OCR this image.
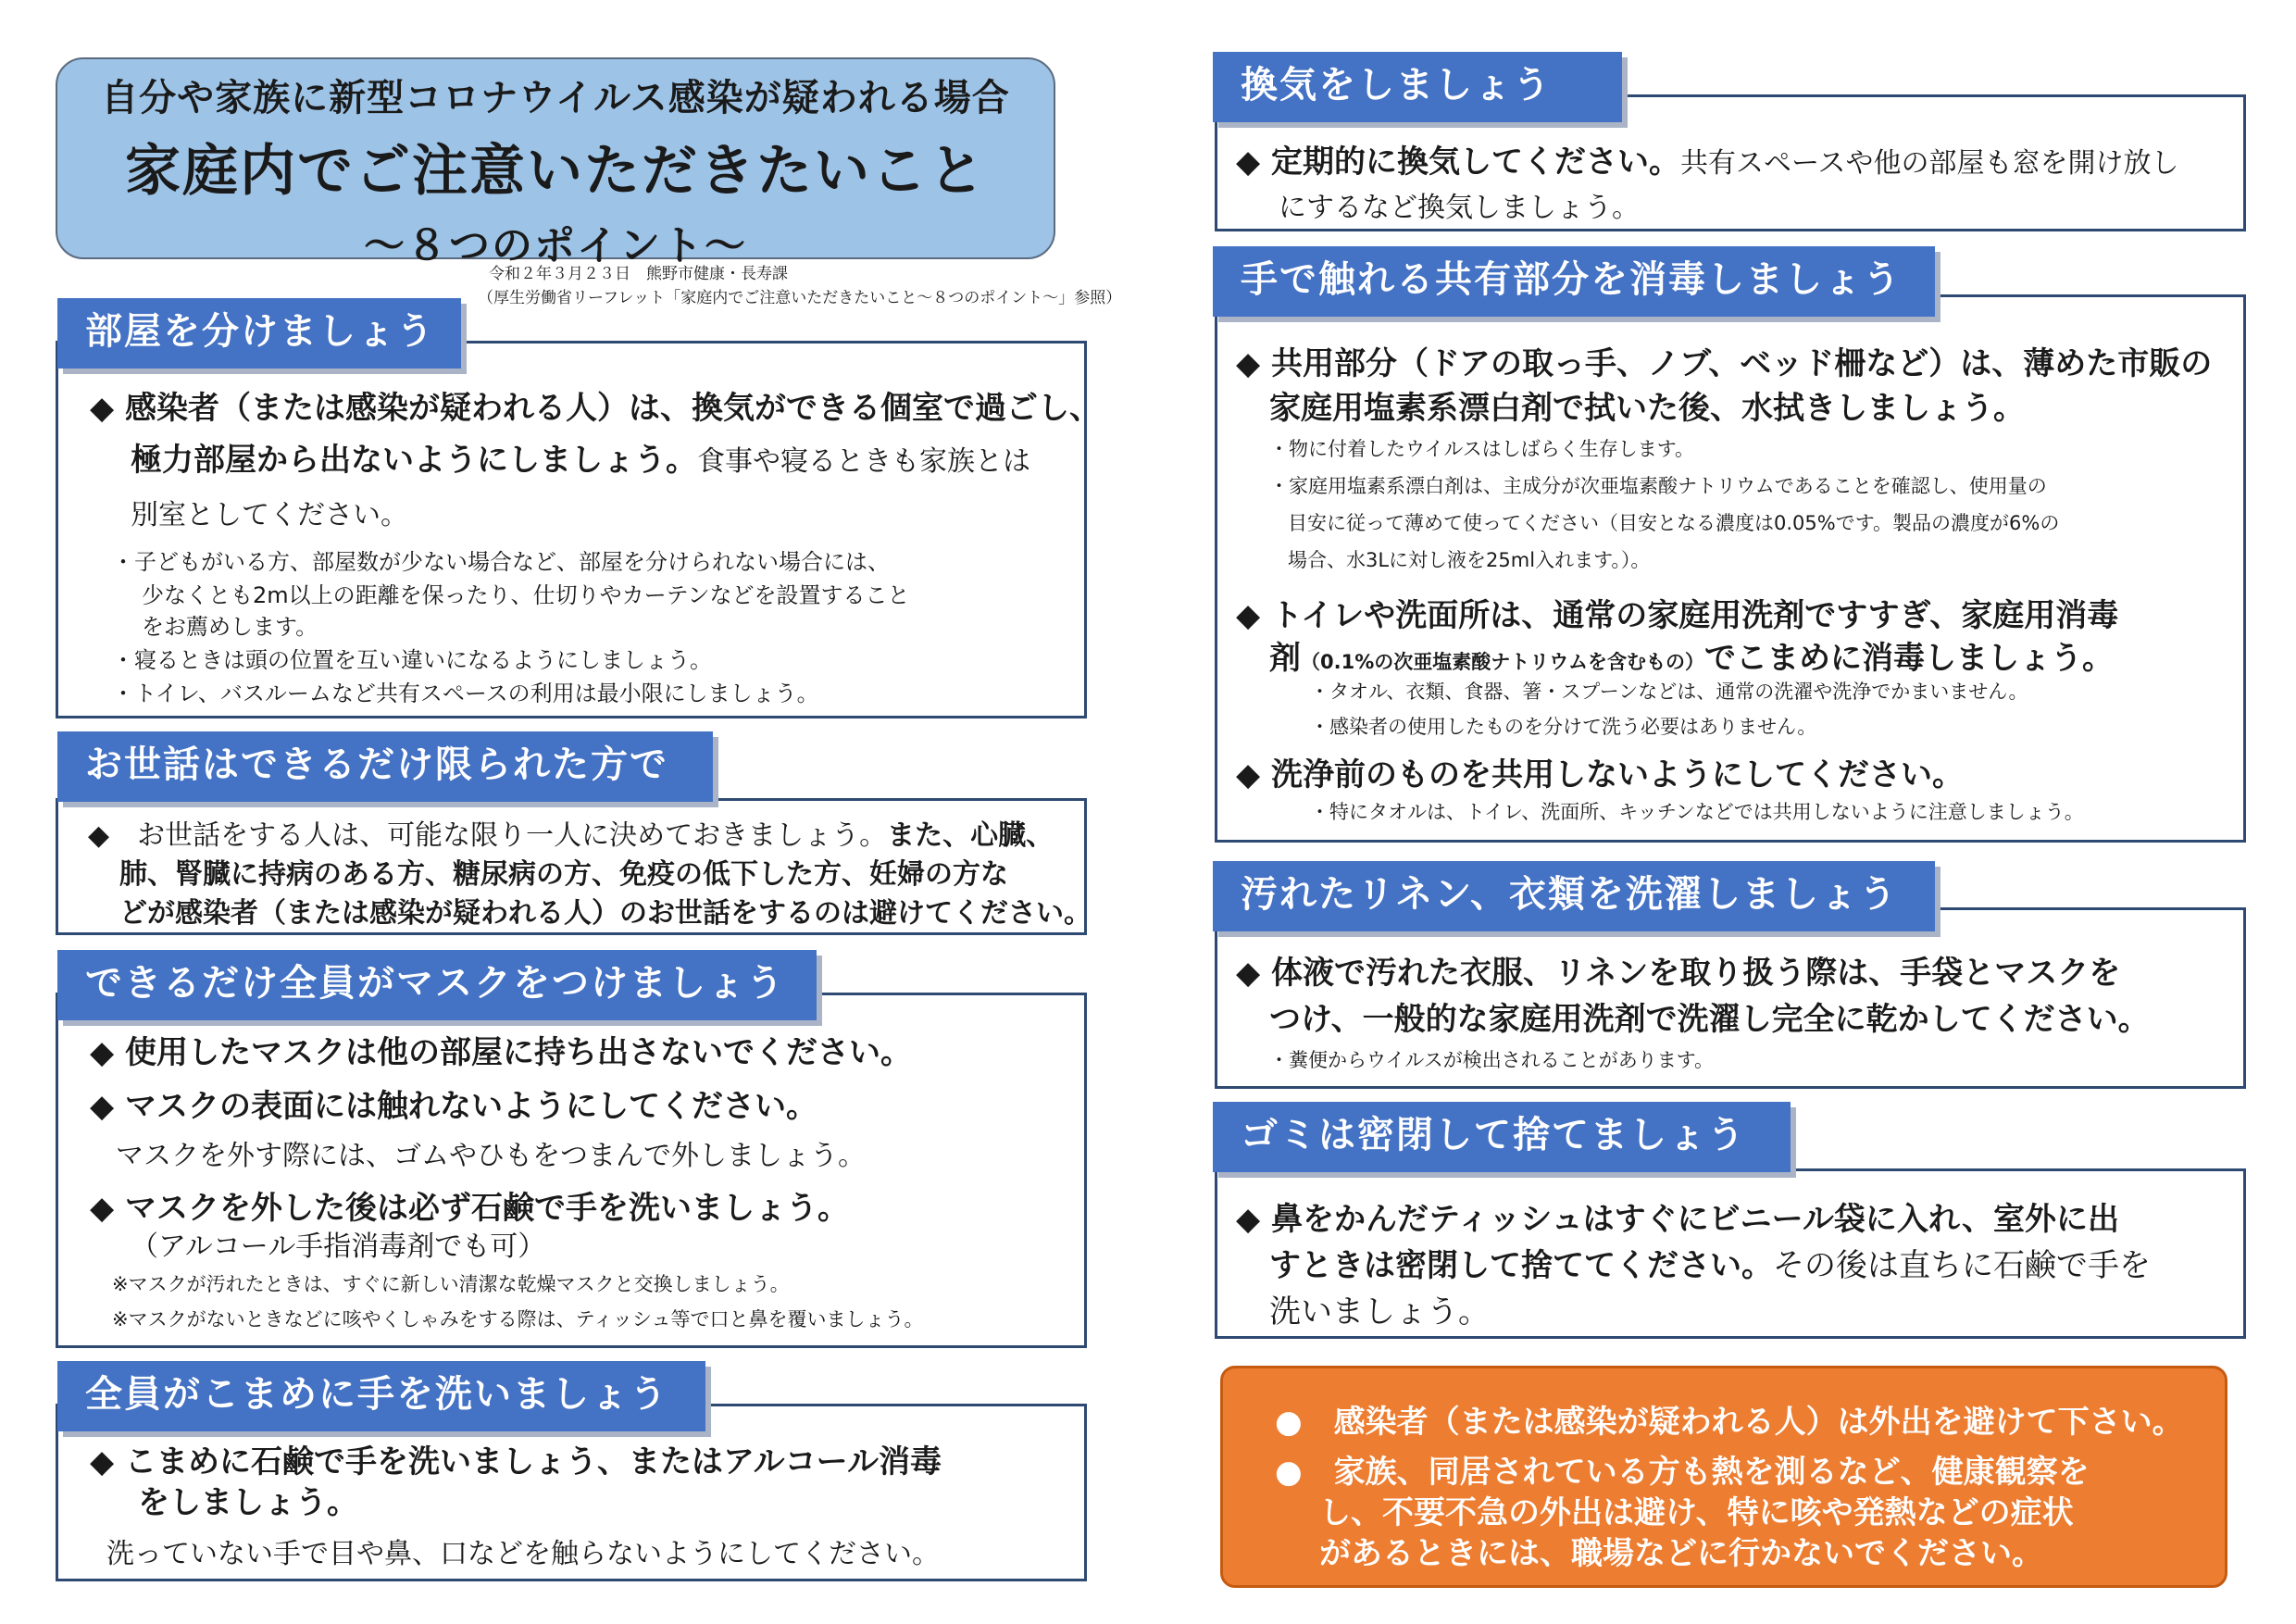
自分や家族に新型コロナウイルス感染が疑われる場合
家庭内でご注意いただきたいこと
～８つのポイント～
令和２年３月２３日　熊野市健康・長寿課
（厚生労働省リーフレット「家庭内でご注意いただきたいこと～８つのポイント～」参照）
◆ 感染者（または感染が疑われる人）は、換気ができる個室で過ごし、
極力部屋から出ないようにしましょう。食事や寝るときも家族とは
別室としてください。
・子どもがいる方、部屋数が少ない場合など、部屋を分けられない場合には、
少なくとも2m以上の距離を保ったり、仕切りやカーテンなどを設置すること
をお薦めします。
・寝るときは頭の位置を互い違いになるようにしましょう。
・トイレ、バスルームなど共有スペースの利用は最小限にしましょう。
部屋を分けましょう
◆　お世話をする人は、可能な限り一人に決めておきましょう。また、心臓、
肺、腎臓に持病のある方、糖尿病の方、免疫の低下した方、妊婦の方な
どが感染者（または感染が疑われる人）のお世話をするのは避けてください。
お世話はできるだけ限られた方で
◆ 使用したマスクは他の部屋に持ち出さないでください。
◆ マスクの表面には触れないようにしてください。
マスクを外す際には、ゴムやひもをつまんで外しましょう。
◆ マスクを外した後は必ず石鹸で手を洗いましょう。
（アルコール手指消毒剤でも可）
※マスクが汚れたときは、すぐに新しい清潔な乾燥マスクと交換しましょう。
※マスクがないときなどに咳やくしゃみをする際は、ティッシュ等で口と鼻を覆いましょう。
できるだけ全員がマスクをつけましょう
◆ こまめに石鹸で手を洗いましょう、またはアルコール消毒
をしましょう。
洗っていない手で目や鼻、口などを触らないようにしてください。
全員がこまめに手を洗いましょう
◆ 定期的に換気してください。共有スペースや他の部屋も窓を開け放し
にするなど換気しましょう。
換気をしましょう
◆ 共用部分（ドアの取っ手、ノブ、ベッド柵など）は、薄めた市販の
家庭用塩素系漂白剤で拭いた後、水拭きしましょう。
・物に付着したウイルスはしばらく生存します。
・家庭用塩素系漂白剤は、主成分が次亜塩素酸ナトリウムであることを確認し、使用量の
目安に従って薄めて使ってください（目安となる濃度は0.05%です。製品の濃度が6%の
場合、水3Lに対し液を25ml入れます。）。
◆ トイレや洗面所は、通常の家庭用洗剤ですすぎ、家庭用消毒
剤（0.1%の次亜塩素酸ナトリウムを含むもの）でこまめに消毒しましょう。
・タオル、衣類、食器、箸・スプーンなどは、通常の洗濯や洗浄でかまいません。
・感染者の使用したものを分けて洗う必要はありません。
◆ 洗浄前のものを共用しないようにしてください。
・特にタオルは、トイレ、洗面所、キッチンなどでは共用しないように注意しましょう。
手で触れる共有部分を消毒しましょう
◆ 体液で汚れた衣服、リネンを取り扱う際は、手袋とマスクを
つけ、一般的な家庭用洗剤で洗濯し完全に乾かしてください。
・糞便からウイルスが検出されることがあります。
汚れたリネン、衣類を洗濯しましょう
◆ 鼻をかんだティッシュはすぐにビニール袋に入れ、室外に出
すときは密閉して捨ててください。その後は直ちに石鹸で手を
洗いましょう。
ゴミは密閉して捨てましょう
●　感染者（または感染が疑われる人）は外出を避けて下さい。
●　家族、同居されている方も熱を測るなど、健康観察を
し、不要不急の外出は避け、特に咳や発熱などの症状
があるときには、職場などに行かないでください。
